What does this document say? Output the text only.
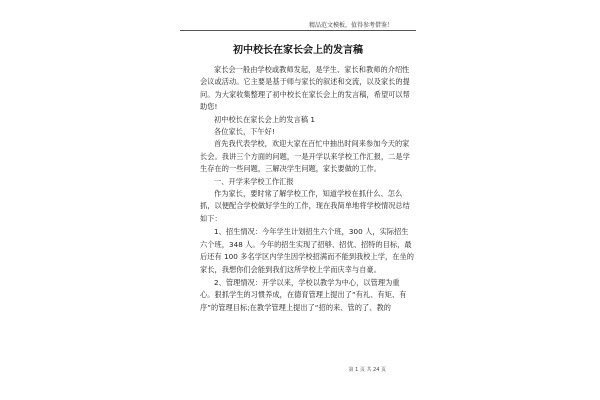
精品范文模板，值得参考借鉴！
初中校长在家长会上的发言稿

家长会一般由学校或教师发起，是学生、家长和教师的介绍性会议或活动。它主要是基于师与家长的叙述和交流，以及家长的提问。为大家收集整理了初中校长在家长会上的发言稿，希望可以帮助您!

初中校长在家长会上的发言稿 1

各位家长，下午好!

首先我代表学校，欢迎大家在百忙中抽出时间来参加今天的家长会。我讲三个方面的问题，一是开学以来学校工作汇报，二是学生存在的一些问题，三解决学生问题，家长要做的工作。

一、开学来学校工作汇报

作为家长，要时常了解学校工作，知道学校在抓什么、怎么抓，以便配合学校做好学生的工作，现在我简单地将学校情况总结如下：

1、招生情况：今年学生计划招生六个班，300 人，实际招生六个班，348 人。今年的招生实现了招够、招优、招特的目标，最后还有 100 多名学区内学生因学校招满而不能到我校上学，在坐的家长，我想你们会能到我们这所学校上学而庆幸与自豪。

2、管理情况：开学以来，学校以教学为中心，以管理为重心。狠抓学生的习惯养成，在德育管理上提出了“有礼、有矩、有序”的管理目标;在教学管理上提出了“招的来、管的了、教的

第 1 页 共 24 页
